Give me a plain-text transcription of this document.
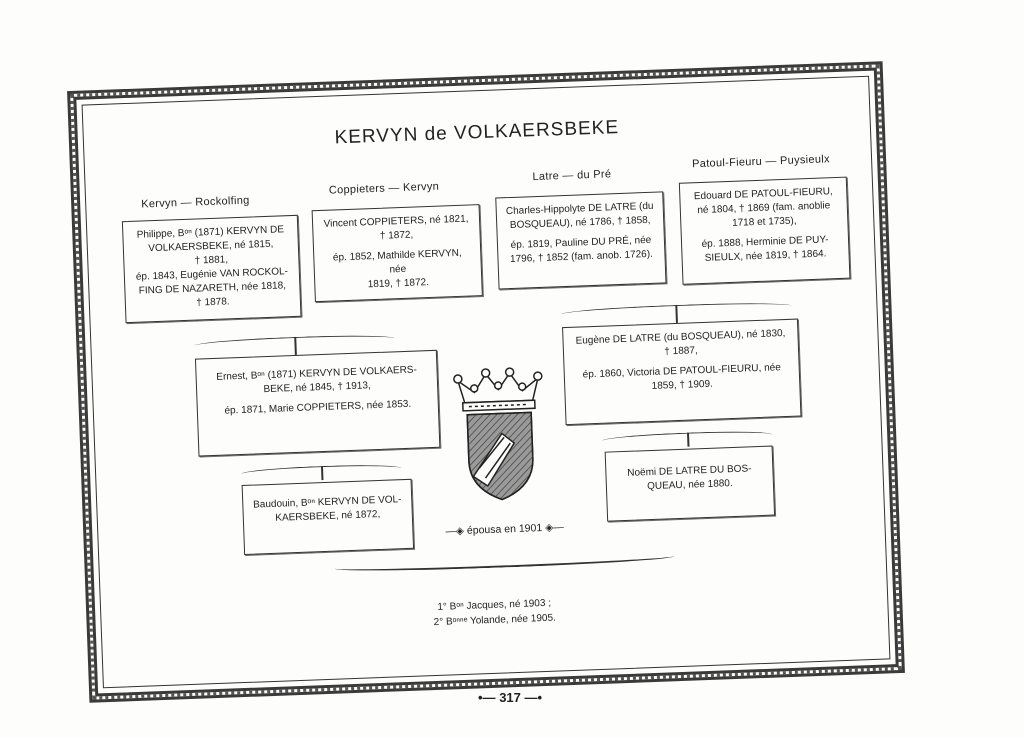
KERVYN de VOLKAERSBEKE
Kervyn — Rockolfing
Coppieters — Kervyn
Latre — du Pré
Patoul-Fieuru — Puysieulx
Philippe, Bᵒⁿ (1871) KERVYN DE
VOLKAERSBEKE, né 1815,
† 1881,
ép. 1843, Eugénie VAN ROCKOL-
FING DE NAZARETH, née 1818,
† 1878.
Vincent COPPIETERS, né 1821,
† 1872,
ép. 1852, Mathilde KERVYN, née
1819, † 1872.
Charles-Hippolyte DE LATRE (du
BOSQUEAU), né 1786, † 1858,
ép. 1819, Pauline DU PRÉ, née
1796, † 1852 (fam. anob. 1726).
Edouard DE PATOUL-FIEURU,
né 1804, † 1869 (fam. anoblie
1718 et 1735),
ép. 1888, Herminie DE PUY-
SIEULX, née 1819, † 1864.
Ernest, Bᵒⁿ (1871) KERVYN DE VOLKAERS-
BEKE, né 1845, † 1913,
ép. 1871, Marie COPPIETERS, née 1853.
Eugène DE LATRE (du BOSQUEAU), né 1830,
† 1887,
ép. 1860, Victoria DE PATOUL-FIEURU, née
1859, † 1909.
Baudouin, Bᵒⁿ KERVYN DE VOL-
KAERSBEKE, né 1872,
Noëmi DE LATRE DU BOS-
QUEAU, née 1880.
—◈ épousa en 1901 ◈—
1° Bᵒⁿ Jacques, né 1903 ;
2° Bᵒⁿⁿᵉ Yolande, née 1905.
•— 317 —•
